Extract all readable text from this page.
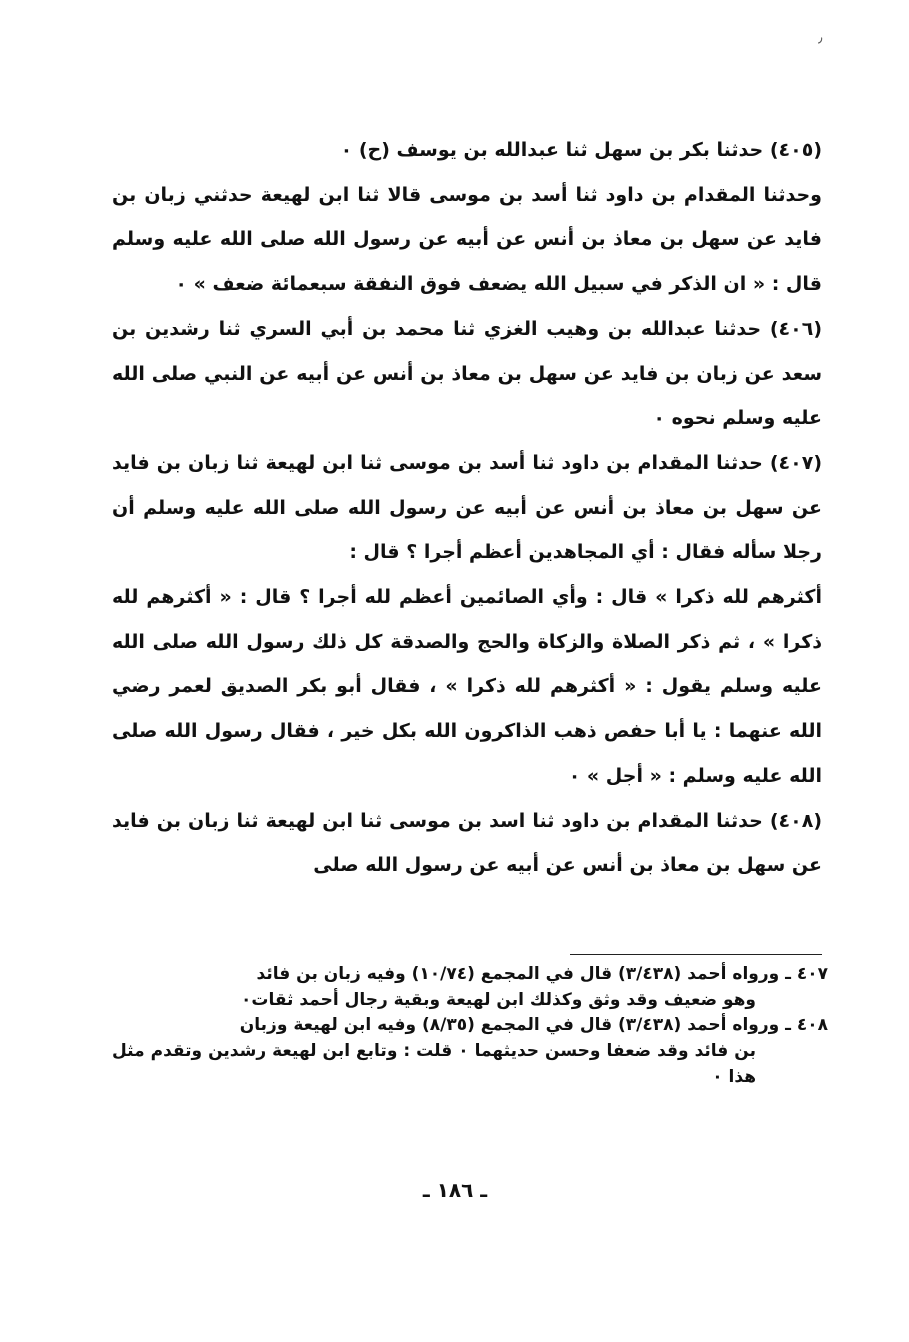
٫

(٤٠٥) حدثنا بكر بن سهل ثنا عبدالله بن يوسف (ح) ٠

وحدثنا المقدام بن داود ثنا أسد بن موسى قالا ثنا ابن لهيعة حدثني زبان بن فايد عن سهل بن معاذ بن أنس عن أبيه عن رسول الله صلى الله عليه وسلم قال : « ان الذكر في سبيل الله يضعف فوق النفقة سبعمائة ضعف » ٠

(٤٠٦) حدثنا عبدالله بن وهيب الغزي ثنا محمد بن أبي السري ثنا رشدين بن سعد عن زبان بن فايد عن سهل بن معاذ بن أنس عن أبيه عن النبي صلى الله عليه وسلم نحوه ٠

(٤٠٧) حدثنا المقدام بن داود ثنا أسد بن موسى ثنا ابن لهيعة ثنا زبان بن فايد عن سهل بن معاذ بن أنس عن أبيه عن رسول الله صلى الله عليه وسلم أن رجلا سأله فقال : أي المجاهدين أعظم أجرا ؟ قال :

أكثرهم لله ذكرا » قال : وأي الصائمين أعظم لله أجرا ؟ قال : « أكثرهم لله ذكرا » ، ثم ذكر الصلاة والزكاة والحج والصدقة كل ذلك رسول الله صلى الله عليه وسلم يقول : « أكثرهم لله ذكرا » ، فقال أبو بكر الصديق لعمر رضي الله عنهما : يا أبا حفص ذهب الذاكرون الله بكل خير ، فقال رسول الله صلى الله عليه وسلم : « أجل » ٠

(٤٠٨) حدثنا المقدام بن داود ثنا اسد بن موسى ثنا ابن لهيعة ثنا زبان بن فايد عن سهل بن معاذ بن أنس عن أبيه عن رسول الله صلى

٤٠٧ ـ ورواه أحمد (٣/٤٣٨) قال في المجمع (١٠/٧٤) وفيه زبان بن فائد

وهو ضعيف وقد وثق وكذلك ابن لهيعة وبقية رجال أحمد ثقات٠

٤٠٨ ـ ورواه أحمد (٣/٤٣٨) قال في المجمع (٨/٣٥) وفيه ابن لهيعة وزبان

بن فائد وقد ضعفا وحسن حديثهما ٠ قلت : وتابع ابن لهيعة رشدين وتقدم مثل هذا ٠

ـ ١٨٦ ـ
